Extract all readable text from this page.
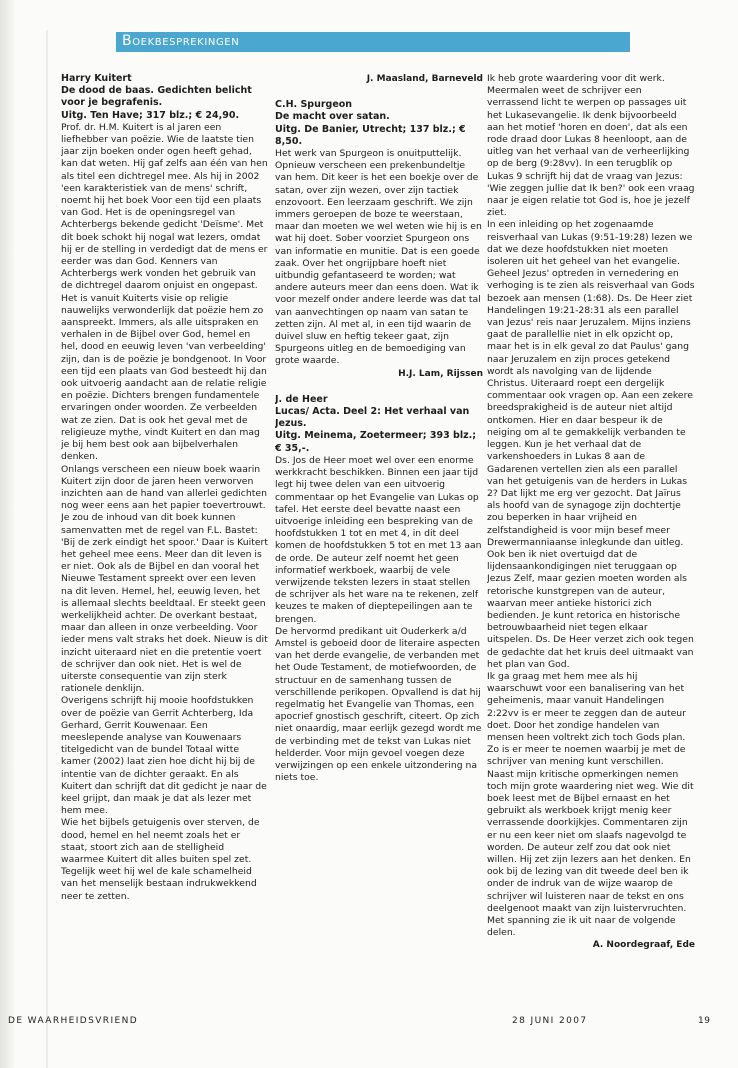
Boekbesprekingen

Harry Kuitert

De dood de baas. Gedichten belicht voor je begrafenis.

Uitg. Ten Have; 317 blz.; € 24,90.

Prof. dr. H.M. Kuitert is al jaren een liefhebber van poëzie. Wie de laatste tien jaar zijn boeken onder ogen heeft gehad, kan dat weten. Hij gaf zelfs aan één van hen als titel een dichtregel mee. Als hij in 2002 'een karakteristiek van de mens' schrift, noemt hij het boek Voor een tijd een plaats van God. Het is de openingsregel van Achterbergs bekende gedicht 'Deïsme'. Met dit boek schokt hij nogal wat lezers, omdat hij er de stelling in verdedigt dat de mens er eerder was dan God. Kenners van Achterbergs werk vonden het gebruik van de dichtregel daarom onjuist en ongepast.

Het is vanuit Kuiterts visie op religie nauwelijks verwonderlijk dat poëzie hem zo aanspreekt. Immers, als alle uitspraken en verhalen in de Bijbel over God, hemel en hel, dood en eeuwig leven 'van verbeelding' zijn, dan is de poëzie je bondgenoot. In Voor een tijd een plaats van God besteedt hij dan ook uitvoerig aandacht aan de relatie religie en poëzie. Dichters brengen fundamentele ervaringen onder woorden. Ze verbeelden wat ze zien. Dat is ook het geval met de religieuze mythe, vindt Kuitert en dan mag je bij hem best ook aan bijbelverhalen denken.

Onlangs verscheen een nieuw boek waarin Kuitert zijn door de jaren heen verworven inzichten aan de hand van allerlei gedichten nog weer eens aan het papier toevertrouwt. Je zou de inhoud van dit boek kunnen samenvatten met de regel van F.L. Bastet: 'Bij de zerk eindigt het spoor.' Daar is Kuitert het geheel mee eens. Meer dan dit leven is er niet. Ook als de Bijbel en dan vooral het Nieuwe Testament spreekt over een leven na dit leven. Hemel, hel, eeuwig leven, het is allemaal slechts beeldtaal. Er steekt geen werkelijkheid achter. De overkant bestaat, maar dan alleen in onze verbeelding. Voor ieder mens valt straks het doek. Nieuw is dit inzicht uiteraard niet en die pretentie voert de schrijver dan ook niet. Het is wel de uiterste consequentie van zijn sterk rationele denklijn.

Overigens schrijft hij mooie hoofdstukken over de poëzie van Gerrit Achterberg, Ida Gerhard, Gerrit Kouwenaar. Een meeslepende analyse van Kouwenaars titelgedicht van de bundel Totaal witte kamer (2002) laat zien hoe dicht hij bij de intentie van de dichter geraakt. En als Kuitert dan schrijft dat dit gedicht je naar de keel grijpt, dan maak je dat als lezer met hem mee.

Wie het bijbels getuigenis over sterven, de dood, hemel en hel neemt zoals het er staat, stoort zich aan de stelligheid waarmee Kuitert dit alles buiten spel zet. Tegelijk weet hij wel de kale schamelheid van het menselijk bestaan indrukwekkend neer te zetten.

J. Maasland, Barneveld

C.H. Spurgeon

De macht over satan.

Uitg. De Banier, Utrecht; 137 blz.; € 8,50.

Het werk van Spurgeon is onuitputtelijk. Opnieuw verscheen een prekenbundeltje van hem. Dit keer is het een boekje over de satan, over zijn wezen, over zijn tactiek enzovoort. Een leerzaam geschrift. We zijn immers geroepen de boze te weerstaan, maar dan moeten we wel weten wie hij is en wat hij doet. Sober voorziet Spurgeon ons van informatie en munitie. Dat is een goede zaak. Over het ongrijpbare hoeft niet uitbundig gefantaseerd te worden; wat andere auteurs meer dan eens doen. Wat ik voor mezelf onder andere leerde was dat tal van aanvechtingen op naam van satan te zetten zijn. Al met al, in een tijd waarin de duivel sluw en heftig tekeer gaat, zijn Spurgeons uitleg en de bemoediging van grote waarde.

H.J. Lam, Rijssen

J. de Heer

Lucas/ Acta. Deel 2: Het verhaal van Jezus.

Uitg. Meinema, Zoetermeer; 393 blz.; € 35,-.

Ds. Jos de Heer moet wel over een enorme werkkracht beschikken. Binnen een jaar tijd legt hij twee delen van een uitvoerig commentaar op het Evangelie van Lukas op tafel. Het eerste deel bevatte naast een uitvoerige inleiding een bespreking van de hoofdstukken 1 tot en met 4, in dit deel komen de hoofdstukken 5 tot en met 13 aan de orde. De auteur zelf noemt het geen informatief werkboek, waarbij de vele verwijzende teksten lezers in staat stellen de schrijver als het ware na te rekenen, zelf keuzes te maken of dieptepeilingen aan te brengen.

De hervormd predikant uit Ouderkerk a/d Amstel is geboeid door de literaire aspecten van het derde evangelie, de verbanden met het Oude Testament, de motiefwoorden, de structuur en de samenhang tussen de verschillende perikopen. Opvallend is dat hij regelmatig het Evangelie van Thomas, een apocrief gnostisch geschrift, citeert. Op zich niet onaardig, maar eerlijk gezegd wordt me de verbinding met de tekst van Lukas niet helderder. Voor mijn gevoel voegen deze verwijzingen op een enkele uitzondering na niets toe.

Ik heb grote waardering voor dit werk. Meermalen weet de schrijver een verrassend licht te werpen op passages uit het Lukasevangelie. Ik denk bijvoorbeeld aan het motief 'horen en doen', dat als een rode draad door Lukas 8 heenloopt, aan de uitleg van het verhaal van de verheerlijking op de berg (9:28vv). In een terugblik op Lukas 9 schrijft hij dat de vraag van Jezus: 'Wie zeggen jullie dat Ik ben?' ook een vraag naar je eigen relatie tot God is, hoe je jezelf ziet.

In een inleiding op het zogenaamde reisverhaal van Lukas (9:51-19:28) lezen we dat we deze hoofdstukken niet moeten isoleren uit het geheel van het evangelie. Geheel Jezus' optreden in vernedering en verhoging is te zien als reisverhaal van Gods bezoek aan mensen (1:68). Ds. De Heer ziet Handelingen 19:21-28:31 als een parallel van Jezus' reis naar Jeruzalem. Mijns inziens gaat de parallellie niet in elk opzicht op, maar het is in elk geval zo dat Paulus' gang naar Jeruzalem en zijn proces getekend wordt als navolging van de lijdende Christus. Uiteraard roept een dergelijk commentaar ook vragen op. Aan een zekere breedsprakigheid is de auteur niet altijd ontkomen. Hier en daar bespeur ik de neiging om al te gemakkelijk verbanden te leggen. Kun je het verhaal dat de varkenshoeders in Lukas 8 aan de Gadarenen vertellen zien als een parallel van het getuigenis van de herders in Lukas 2? Dat lijkt me erg ver gezocht. Dat Jaïrus als hoofd van de synagoge zijn dochtertje zou beperken in haar vrijheid en zelfstandigheid is voor mijn besef meer Drewermanniaanse inlegkunde dan uitleg. Ook ben ik niet overtuigd dat de lijdensaankondigingen niet teruggaan op Jezus Zelf, maar gezien moeten worden als retorische kunstgrepen van de auteur, waarvan meer antieke historici zich bedienden. Je kunt retorica en historische betrouwbaarheid niet tegen elkaar uitspelen. Ds. De Heer verzet zich ook tegen de gedachte dat het kruis deel uitmaakt van het plan van God.

Ik ga graag met hem mee als hij waarschuwt voor een banalisering van het geheimenis, maar vanuit Handelingen 2:22vv is er meer te zeggen dan de auteur doet. Door het zondige handelen van mensen heen voltrekt zich toch Gods plan. Zo is er meer te noemen waarbij je met de schrijver van mening kunt verschillen.

Naast mijn kritische opmerkingen nemen toch mijn grote waardering niet weg. Wie dit boek leest met de Bijbel ernaast en het gebruikt als werkboek krijgt menig keer verrassende doorkijkjes. Commentaren zijn er nu een keer niet om slaafs nagevolgd te worden. De auteur zelf zou dat ook niet willen. Hij zet zijn lezers aan het denken. En ook bij de lezing van dit tweede deel ben ik onder de indruk van de wijze waarop de schrijver wil luisteren naar de tekst en ons deelgenoot maakt van zijn luistervruchten. Met spanning zie ik uit naar de volgende delen.

A. Noordegraaf, Ede

DE WAARHEIDSVRIEND	28 JUNI 2007	19
